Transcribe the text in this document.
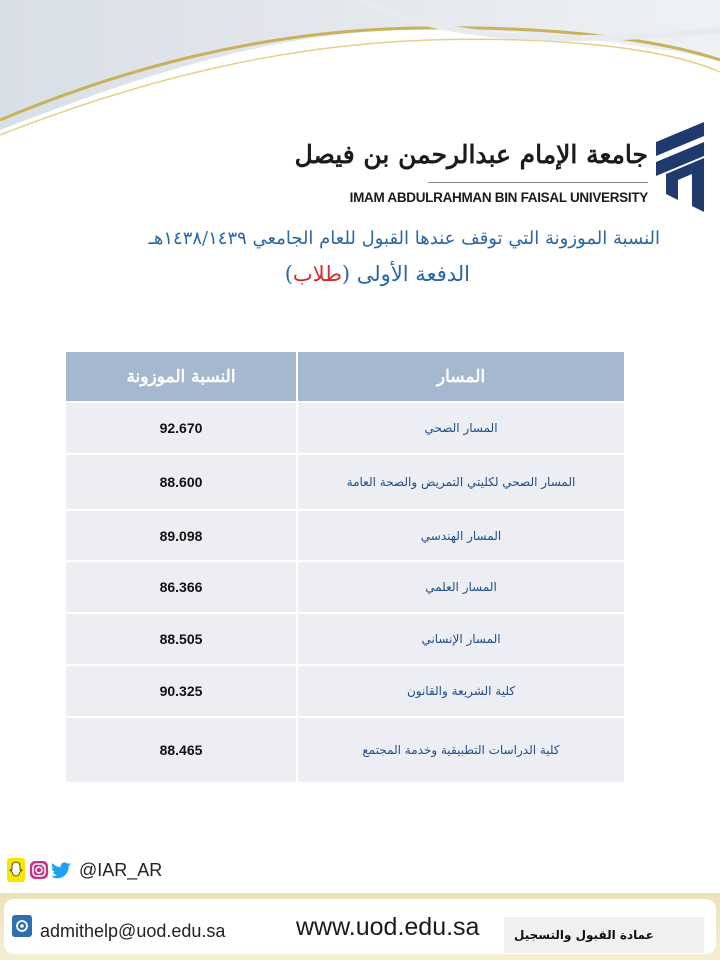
جامعة الإمام عبدالرحمن بن فيصل
IMAM ABDULRAHMAN BIN FAISAL UNIVERSITY
النسبة الموزونة التي توقف عندها القبول للعام الجامعي ١٤٣٨/١٤٣٩هـ
الدفعة الأولى (طلاب)
النسبة الموزونة	المسار
92.670	المسار الصحي
88.600	المسار الصحي لكليتي التمريض والصحة العامة
89.098	المسار الهندسي
86.366	المسار العلمي
88.505	المسار الإنساني
90.325	كلية الشريعة والقانون
88.465	كلية الدراسات التطبيقية وخدمة المجتمع
@IAR_AR
admithelp@uod.edu.sa	www.uod.edu.sa	عمادة القبول والتسجيل
